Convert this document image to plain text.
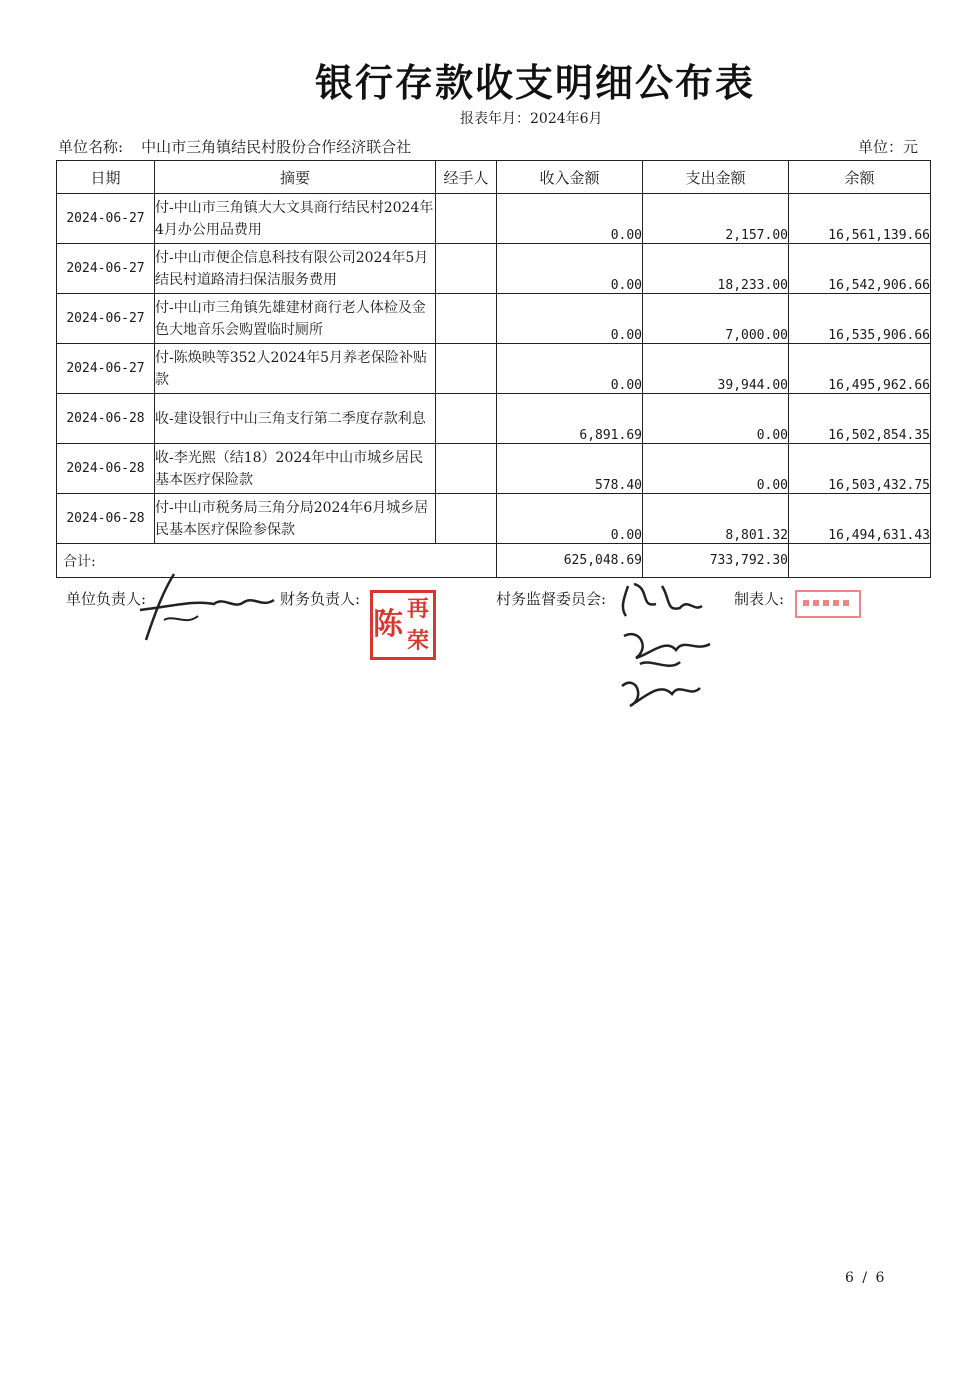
银行存款收支明细公布表
报表年月：2024年6月
单位名称: 中山市三角镇结民村股份合作经济联合社	单位：元
日期	摘要	经手人	收入金额	支出金额	余额
2024-06-27	付-中山市三角镇大大文具商行结民村2024年4月办公用品费用		0.00	2,157.00	16,561,139.66
2024-06-27	付-中山市便企信息科技有限公司2024年5月结民村道路清扫保洁服务费用		0.00	18,233.00	16,542,906.66
2024-06-27	付-中山市三角镇先雄建材商行老人体检及金色大地音乐会购置临时厕所		0.00	7,000.00	16,535,906.66
2024-06-27	付-陈焕映等352人2024年5月养老保险补贴款		0.00	39,944.00	16,495,962.66
2024-06-28	收-建设银行中山三角支行第二季度存款利息		6,891.69	0.00	16,502,854.35
2024-06-28	收-李光熙（结18）2024年中山市城乡居民基本医疗保险款		578.40	0.00	16,503,432.75
2024-06-28	付-中山市税务局三角分局2024年6月城乡居民基本医疗保险参保款		0.00	8,801.32	16,494,631.43
合计:			625,048.69	733,792.30	
单位负责人:	财务负责人:
陈 再
荣
村务监督委员会:	制表人:
6 / 6
